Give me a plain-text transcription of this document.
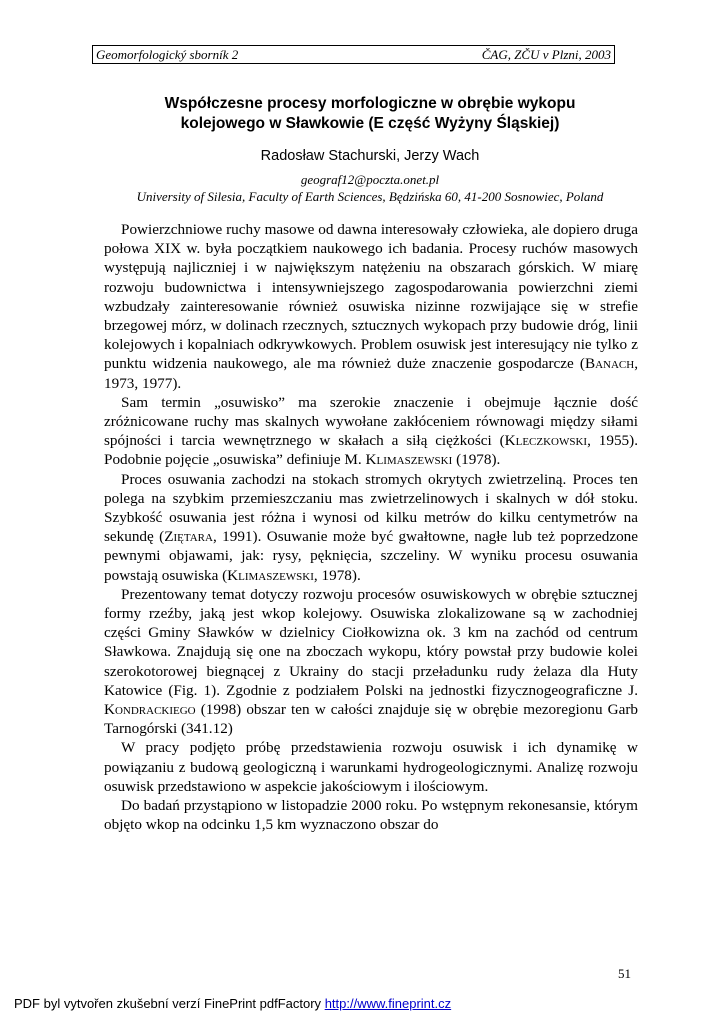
Geomorfologický sborník 2	ČAG, ZČU v Plzni, 2003
Współczesne procesy morfologiczne w obrębie wykopu
kolejowego w Sławkowie (E część Wyżyny Śląskiej)
Radosław Stachurski, Jerzy Wach
geograf12@poczta.onet.pl
University of Silesia, Faculty of Earth Sciences, Będzińska 60, 41-200 Sosnowiec, Poland

Powierzchniowe ruchy masowe od dawna interesowały człowieka, ale dopiero druga połowa XIX w. była początkiem naukowego ich badania. Procesy ruchów masowych występują najliczniej i w największym natężeniu na obszarach górskich. W miarę rozwoju budownictwa i intensywniejszego zagospodarowania powierzchni ziemi wzbudzały zainteresowanie również osuwiska nizinne rozwijające się w strefie brzegowej mórz, w dolinach rzecznych, sztucznych wykopach przy budowie dróg, linii kolejowych i kopalniach odkrywkowych. Problem osuwisk jest interesujący nie tylko z punktu widzenia naukowego, ale ma również duże znaczenie gospodarcze (Banach, 1973, 1977).

Sam termin „osuwisko” ma szerokie znaczenie i obejmuje łącznie dość zróżnicowane ruchy mas skalnych wywołane zakłóceniem równowagi między siłami spójności i tarcia wewnętrznego w skałach a siłą ciężkości (Kleczkowski, 1955). Podobnie pojęcie „osuwiska” definiuje M. Klimaszewski (1978).

Proces osuwania zachodzi na stokach stromych okrytych zwietrzeliną. Proces ten polega na szybkim przemieszczaniu mas zwietrzelinowych i skalnych w dół stoku. Szybkość osuwania jest różna i wynosi od kilku metrów do kilku centymetrów na sekundę (Ziętara, 1991). Osuwanie może być gwałtowne, nagłe lub też poprzedzone pewnymi objawami, jak: rysy, pęknięcia, szczeliny. W wyniku procesu osuwania powstają osuwiska (Klimaszewski, 1978).

Prezentowany temat dotyczy rozwoju procesów osuwiskowych w obrębie sztucznej formy rzeźby, jaką jest wkop kolejowy. Osuwiska zlokalizowane są w zachodniej części Gminy Sławków w dzielnicy Ciołkowizna ok. 3 km na zachód od centrum Sławkowa. Znajdują się one na zboczach wykopu, który powstał przy budowie kolei szerokotorowej biegnącej z Ukrainy do stacji przeładunku rudy żelaza dla Huty Katowice (Fig. 1). Zgodnie z podziałem Polski na jednostki fizycznogeograficzne J. Kondrackiego (1998) obszar ten w całości znajduje się w obrębie mezoregionu Garb Tarnogórski (341.12)

W pracy podjęto próbę przedstawienia rozwoju osuwisk i ich dynamikę w powiązaniu z budową geologiczną i warunkami hydrogeologicznymi. Analizę rozwoju osuwisk przedstawiono w aspekcie jakościowym i ilościowym.

Do badań przystąpiono w listopadzie 2000 roku. Po wstępnym rekonesansie, którym objęto wkop na odcinku 1,5 km wyznaczono obszar do

51
PDF byl vytvořen zkušební verzí FinePrint pdfFactory http://www.fineprint.cz
